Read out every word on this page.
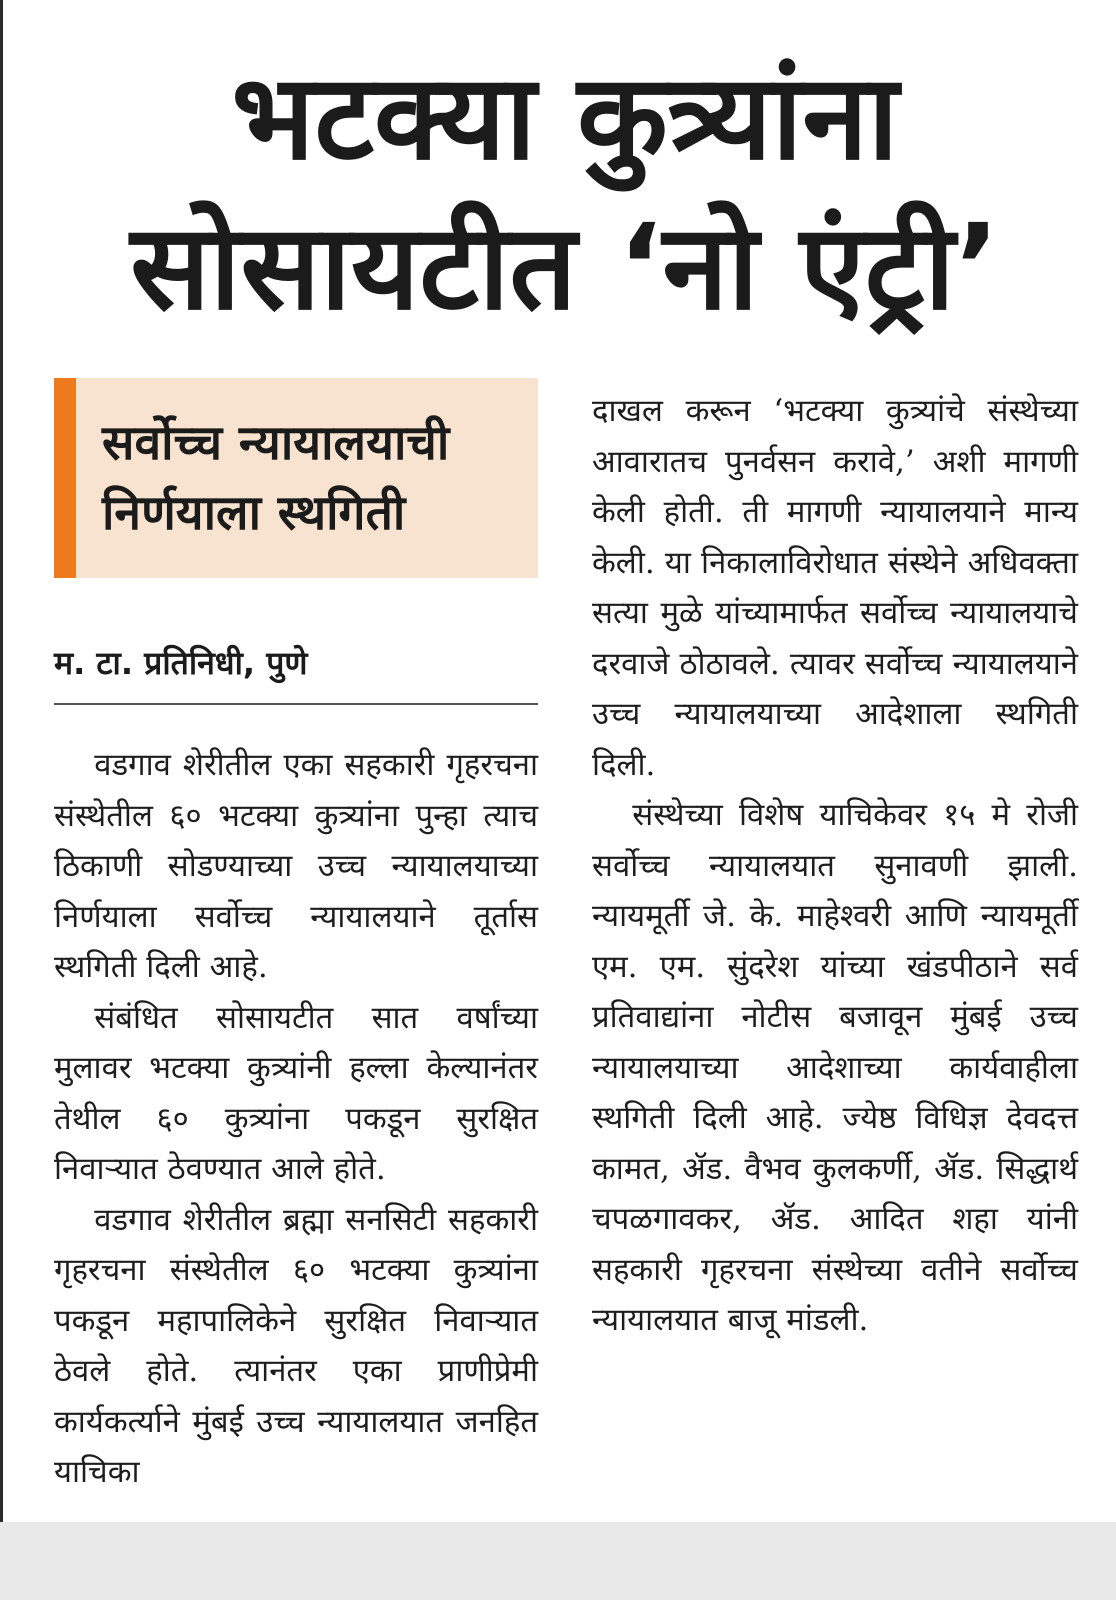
भटक्या कुत्र्यांना
सोसायटीत ‘नो एंट्री’
सर्वोच्च न्यायालयाची
निर्णयाला स्थगिती
म. टा. प्रतिनिधी, पुणे

वडगाव शेरीतील एका सहकारी गृहरचना संस्थेतील ६० भटक्या कुत्र्यांना पुन्हा त्याच ठिकाणी सोडण्याच्या उच्च न्यायालयाच्या निर्णयाला सर्वोच्च न्यायालयाने तूर्तास स्थगिती दिली आहे.

संबंधित सोसायटीत सात वर्षांच्या मुलावर भटक्या कुत्र्यांनी हल्ला केल्यानंतर तेथील ६० कुत्र्यांना पकडून सुरक्षित निवाऱ्यात ठेवण्यात आले होते.

वडगाव शेरीतील ब्रह्मा सनसिटी सहकारी गृहरचना संस्थेतील ६० भटक्या कुत्र्यांना पकडून महापालिकेने सुरक्षित निवाऱ्यात ठेवले होते. त्यानंतर एका प्राणीप्रेमी कार्यकर्त्याने मुंबई उच्च न्यायालयात जनहित याचिका

दाखल करून ‘भटक्या कुत्र्यांचे संस्थेच्या आवारातच पुनर्वसन करावे,’ अशी मागणी केली होती. ती मागणी न्यायालयाने मान्य केली. या निकालाविरोधात संस्थेने अधिवक्ता सत्या मुळे यांच्यामार्फत सर्वोच्च न्यायालयाचे दरवाजे ठोठावले. त्यावर सर्वोच्च न्यायालयाने उच्च न्यायालयाच्या आदेशाला स्थगिती दिली.

संस्थेच्या विशेष याचिकेवर १५ मे रोजी सर्वोच्च न्यायालयात सुनावणी झाली. न्यायमूर्ती जे. के. माहेश्वरी आणि न्यायमूर्ती एम. एम. सुंदरेश यांच्या खंडपीठाने सर्व प्रतिवाद्यांना नोटीस बजावून मुंबई उच्च न्यायालयाच्या आदेशाच्या कार्यवाहीला स्थगिती दिली आहे. ज्येष्ठ विधिज्ञ देवदत्त कामत, ॲड. वैभव कुलकर्णी, ॲड. सिद्धार्थ चपळगावकर, ॲड. आदित शहा यांनी सहकारी गृहरचना संस्थेच्या वतीने सर्वोच्च न्यायालयात बाजू मांडली.
